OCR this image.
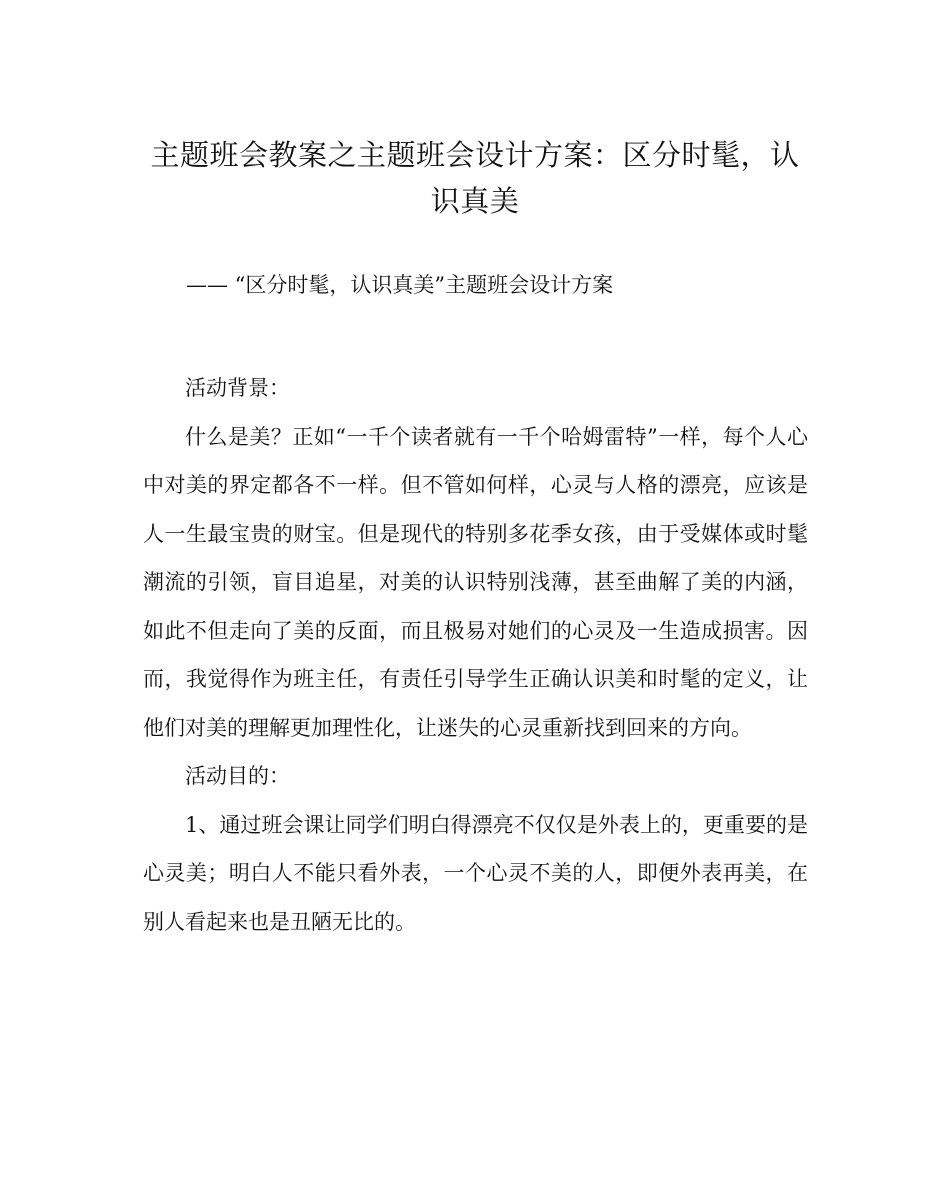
主题班会教案之主题班会设计方案：区分时髦，认识真美

—— “区分时髦，认识真美”主题班会设计方案

活动背景：

什么是美？正如“一千个读者就有一千个哈姆雷特”一样，每个人心中对美的界定都各不一样。但不管如何样，心灵与人格的漂亮，应该是人一生最宝贵的财宝。但是现代的特别多花季女孩，由于受媒体或时髦潮流的引领，盲目追星，对美的认识特别浅薄，甚至曲解了美的内涵，如此不但走向了美的反面，而且极易对她们的心灵及一生造成损害。因而，我觉得作为班主任，有责任引导学生正确认识美和时髦的定义，让他们对美的理解更加理性化，让迷失的心灵重新找到回来的方向。

活动目的：

1、通过班会课让同学们明白得漂亮不仅仅是外表上的，更重要的是心灵美；明白人不能只看外表，一个心灵不美的人，即便外表再美，在别人看起来也是丑陋无比的。
